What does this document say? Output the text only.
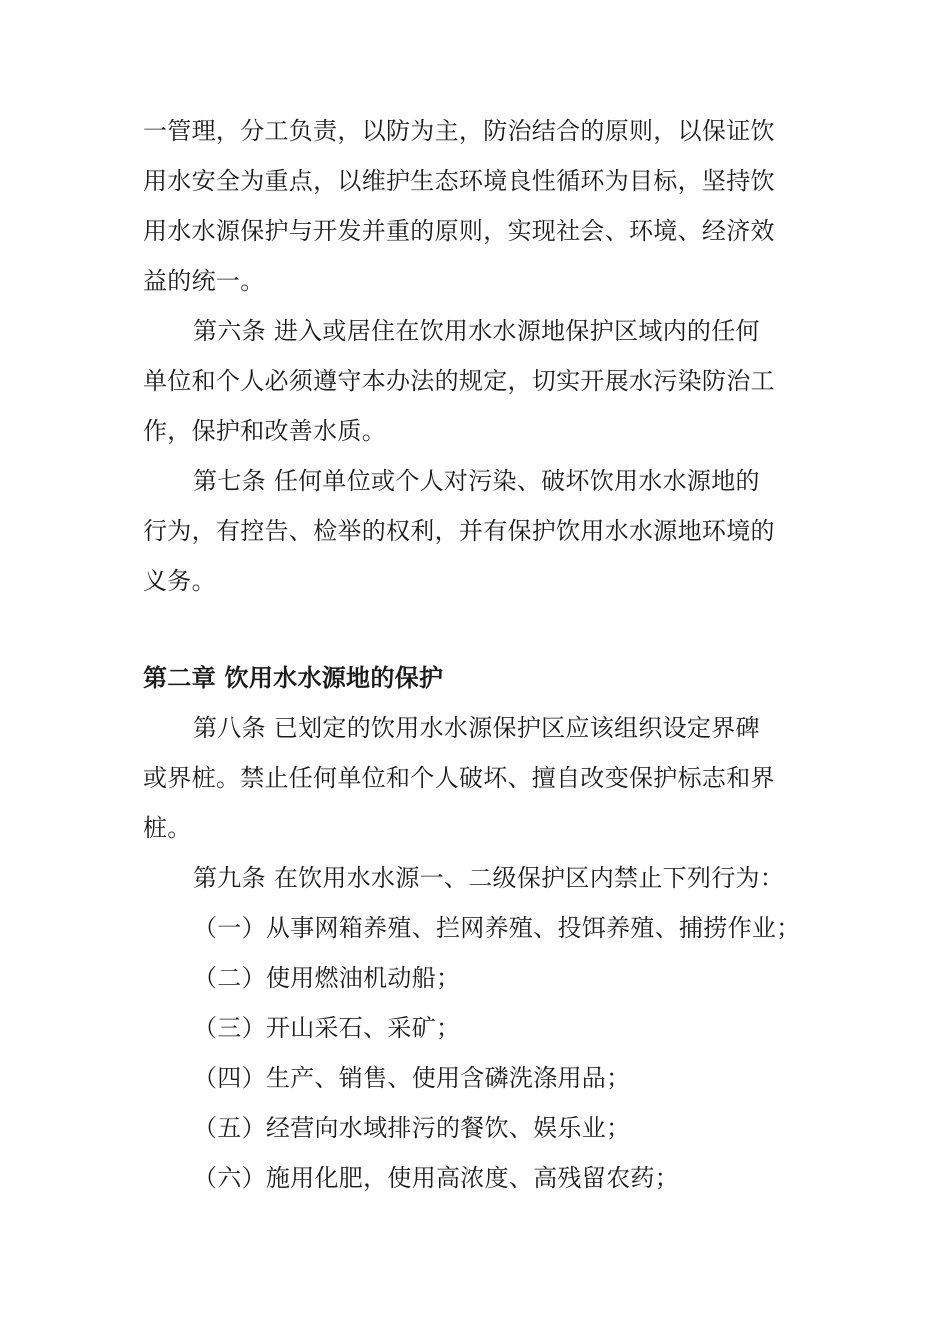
一管理，分工负责，以防为主，防治结合的原则，以保证饮
用水安全为重点，以维护生态环境良性循环为目标，坚持饮
用水水源保护与开发并重的原则，实现社会、环境、经济效
益的统一。
第六条 进入或居住在饮用水水源地保护区域内的任何
单位和个人必须遵守本办法的规定，切实开展水污染防治工
作，保护和改善水质。
第七条 任何单位或个人对污染、破坏饮用水水源地的
行为，有控告、检举的权利，并有保护饮用水水源地环境的
义务。
第二章 饮用水水源地的保护
第八条 已划定的饮用水水源保护区应该组织设定界碑
或界桩。禁止任何单位和个人破坏、擅自改变保护标志和界
桩。
第九条 在饮用水水源一、二级保护区内禁止下列行为：
（一）从事网箱养殖、拦网养殖、投饵养殖、捕捞作业；
（二）使用燃油机动船；
（三）开山采石、采矿；
（四）生产、销售、使用含磷洗涤用品；
（五）经营向水域排污的餐饮、娱乐业；
（六）施用化肥，使用高浓度、高残留农药；
